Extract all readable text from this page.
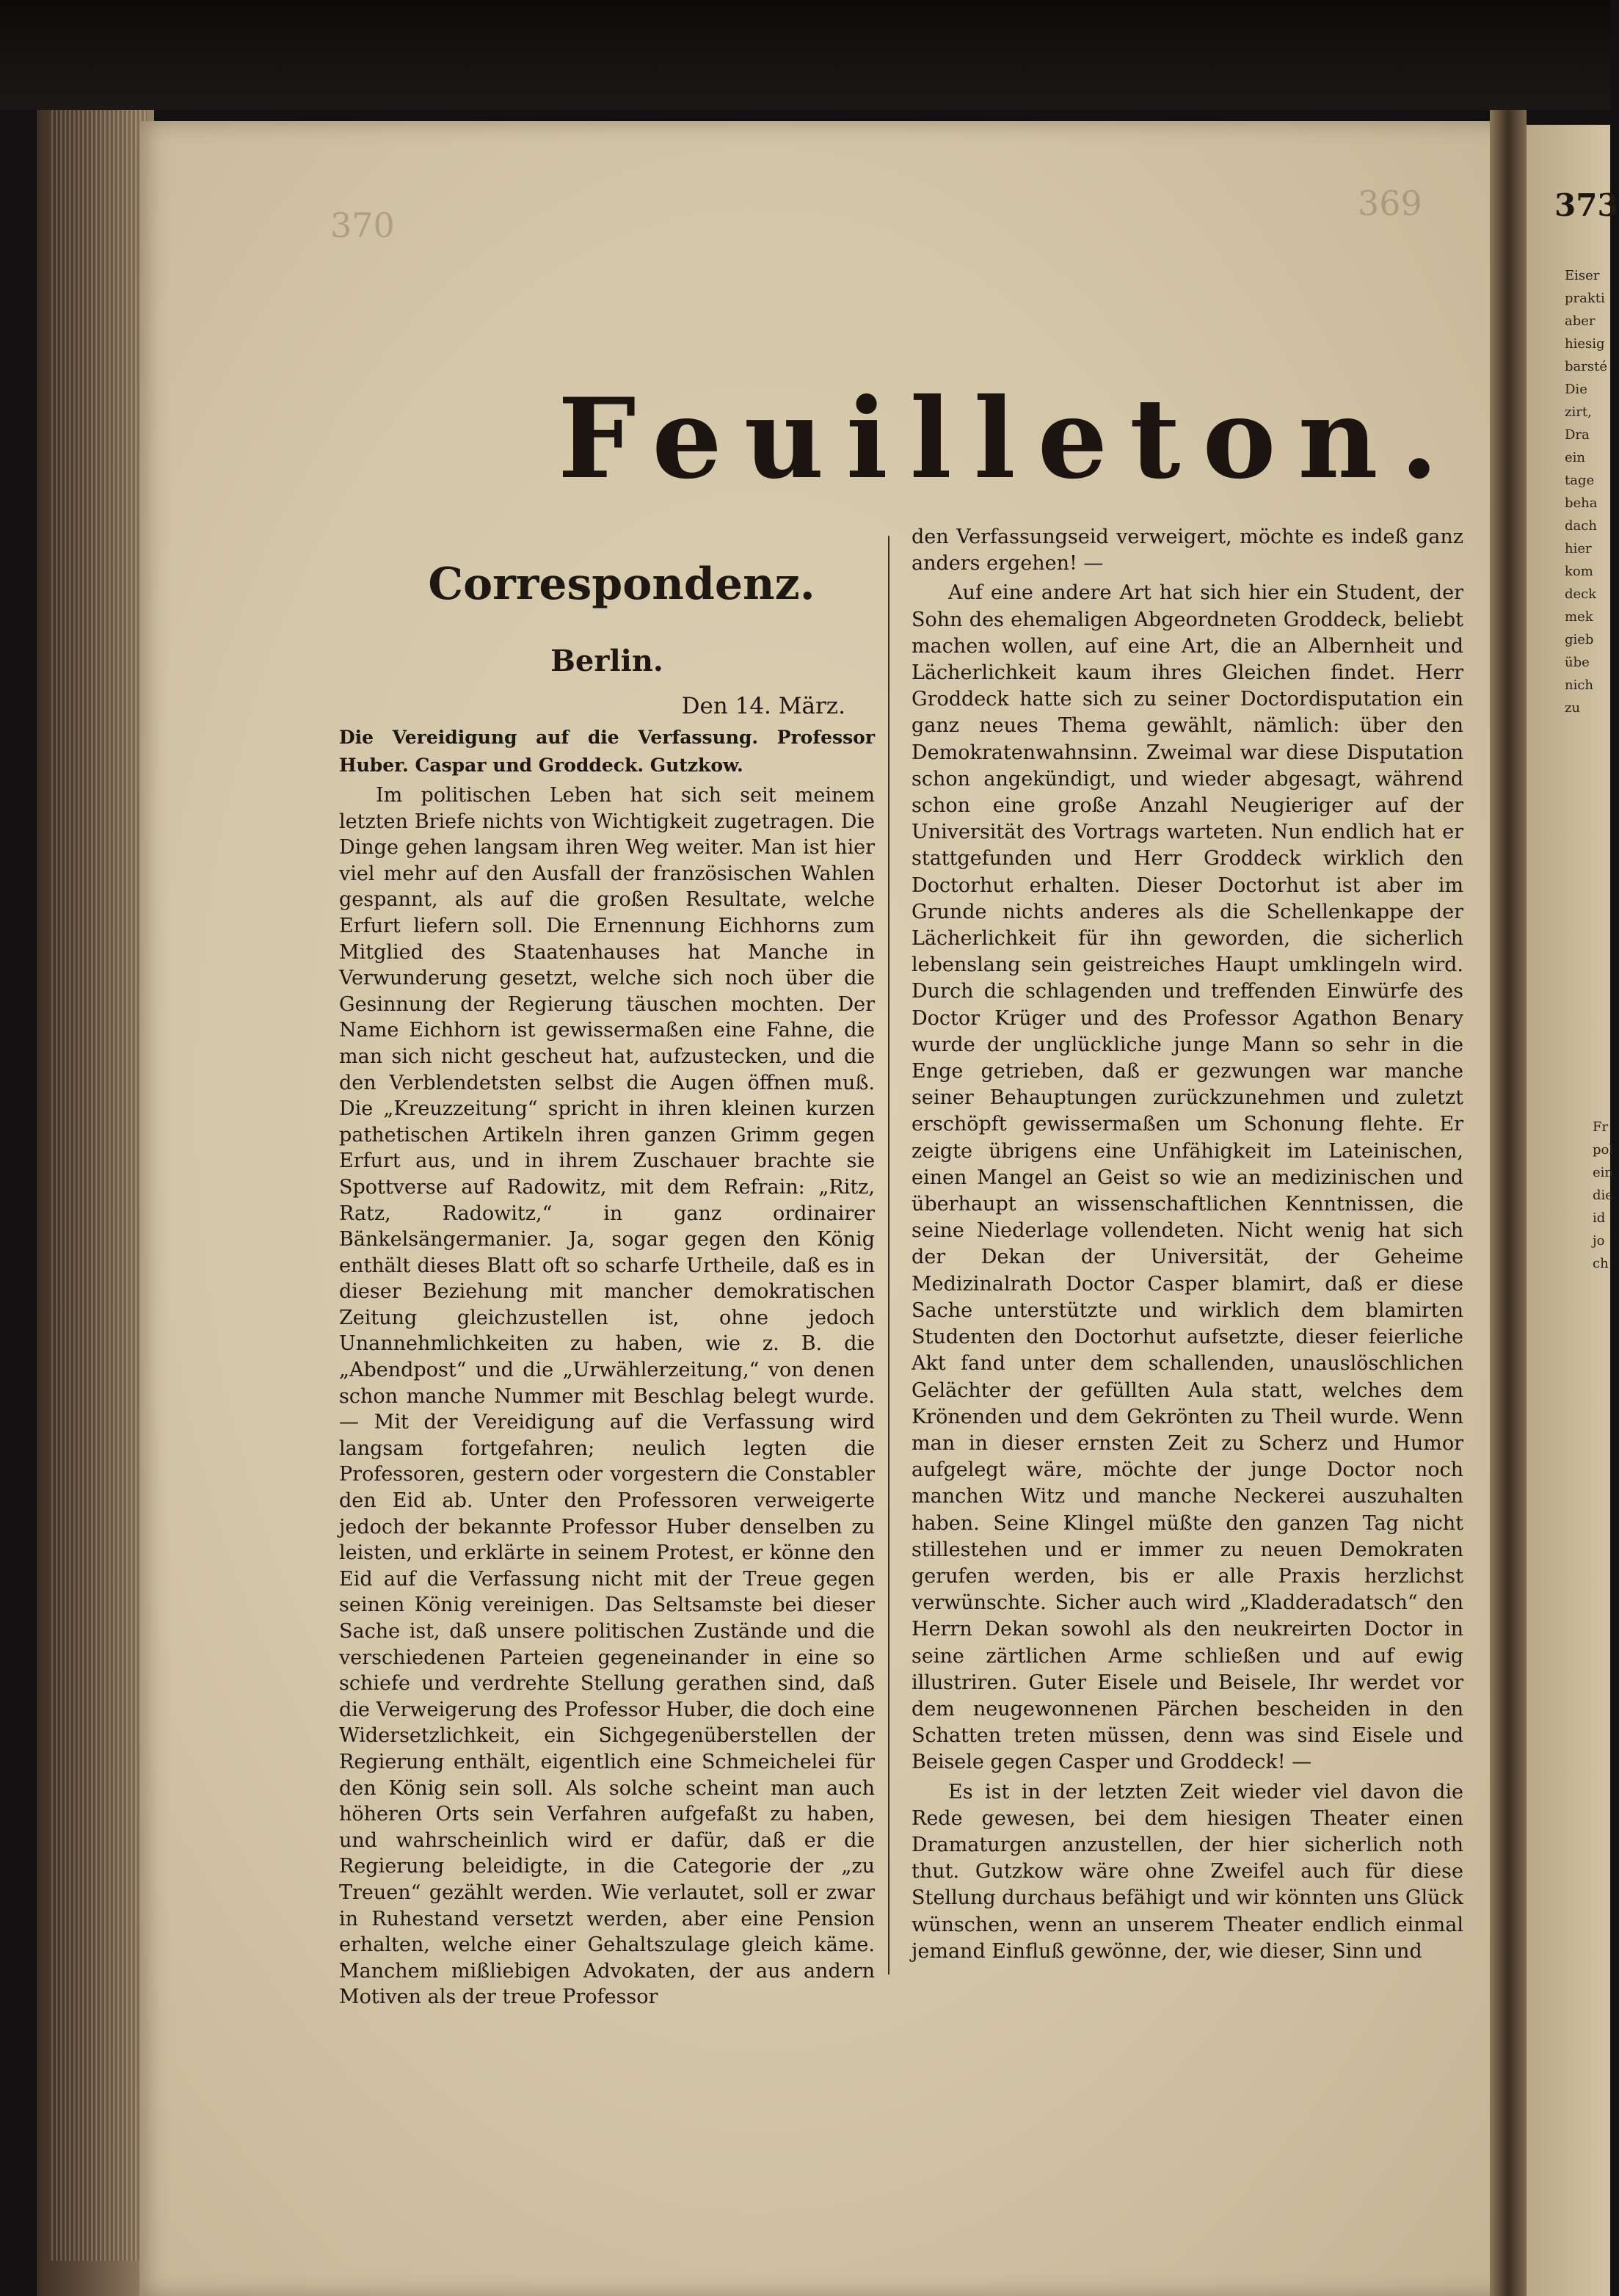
370
369	373
Eiser
prakti
aber
hiesig
barsté
Die
zirt,
Dra
ein
tage
beha
dach
hier
kom
deck
mek
gieb
übe
nich
zu
Fr
pol
ein
die
id
jo
ch
Feuilleton.
Correspondenz.
Berlin.
Den 14. März.
Die Vereidigung auf die Verfassung. Professor Huber. Caspar und Groddeck. Gutzkow.

Im politischen Leben hat sich seit meinem letzten Briefe nichts von Wichtigkeit zugetragen. Die Dinge gehen langsam ihren Weg weiter. Man ist hier viel mehr auf den Ausfall der französischen Wahlen gespannt, als auf die großen Resultate, welche Erfurt liefern soll. Die Ernennung Eichhorns zum Mitglied des Staatenhauses hat Manche in Verwunderung gesetzt, welche sich noch über die Gesinnung der Regierung täuschen mochten. Der Name Eichhorn ist gewissermaßen eine Fahne, die man sich nicht gescheut hat, aufzustecken, und die den Verblendetsten selbst die Augen öffnen muß. Die „Kreuzzeitung“ spricht in ihren kleinen kurzen pathetischen Artikeln ihren ganzen Grimm gegen Erfurt aus, und in ihrem Zuschauer brachte sie Spottverse auf Radowitz, mit dem Refrain: „Ritz, Ratz, Radowitz,“ in ganz ordinairer Bänkelsängermanier. Ja, sogar gegen den König enthält dieses Blatt oft so scharfe Urtheile, daß es in dieser Beziehung mit mancher demokratischen Zeitung gleichzustellen ist, ohne jedoch Unannehmlichkeiten zu haben, wie z. B. die „Abendpost“ und die „Urwählerzeitung,“ von denen schon manche Nummer mit Beschlag belegt wurde. — Mit der Vereidigung auf die Verfassung wird langsam fortgefahren; neulich legten die Professoren, gestern oder vorgestern die Constabler den Eid ab. Unter den Professoren verweigerte jedoch der bekannte Professor Huber denselben zu leisten, und erklärte in seinem Protest, er könne den Eid auf die Verfassung nicht mit der Treue gegen seinen König vereinigen. Das Seltsamste bei dieser Sache ist, daß unsere politischen Zustände und die verschiedenen Parteien gegeneinander in eine so schiefe und verdrehte Stellung gerathen sind, daß die Verweigerung des Professor Huber, die doch eine Widersetzlichkeit, ein Sichgegenüberstellen der Regierung enthält, eigentlich eine Schmeichelei für den König sein soll. Als solche scheint man auch höheren Orts sein Verfahren aufgefaßt zu haben, und wahrscheinlich wird er dafür, daß er die Regierung beleidigte, in die Categorie der „zu Treuen“ gezählt werden. Wie verlautet, soll er zwar in Ruhestand versetzt werden, aber eine Pension erhalten, welche einer Gehaltszulage gleich käme. Manchem mißliebigen Advokaten, der aus andern Motiven als der treue Professor

den Verfassungseid verweigert, möchte es indeß ganz anders ergehen! —

Auf eine andere Art hat sich hier ein Student, der Sohn des ehemaligen Abgeordneten Groddeck, beliebt machen wollen, auf eine Art, die an Albernheit und Lächerlichkeit kaum ihres Gleichen findet. Herr Groddeck hatte sich zu seiner Doctordisputation ein ganz neues Thema gewählt, nämlich: über den Demokratenwahnsinn. Zweimal war diese Disputation schon angekündigt, und wieder abgesagt, während schon eine große Anzahl Neugieriger auf der Universität des Vortrags warteten. Nun endlich hat er stattgefunden und Herr Groddeck wirklich den Doctorhut erhalten. Dieser Doctorhut ist aber im Grunde nichts anderes als die Schellenkappe der Lächerlichkeit für ihn geworden, die sicherlich lebenslang sein geistreiches Haupt umklingeln wird. Durch die schlagenden und treffenden Einwürfe des Doctor Krüger und des Professor Agathon Benary wurde der unglückliche junge Mann so sehr in die Enge getrieben, daß er gezwungen war manche seiner Behauptungen zurückzunehmen und zuletzt erschöpft gewissermaßen um Schonung flehte. Er zeigte übrigens eine Unfähigkeit im Lateinischen, einen Mangel an Geist so wie an medizinischen und überhaupt an wissenschaftlichen Kenntnissen, die seine Niederlage vollendeten. Nicht wenig hat sich der Dekan der Universität, der Geheime Medizinalrath Doctor Casper blamirt, daß er diese Sache unterstützte und wirklich dem blamirten Studenten den Doctorhut aufsetzte, dieser feierliche Akt fand unter dem schallenden, unauslöschlichen Gelächter der gefüllten Aula statt, welches dem Krönenden und dem Gekrönten zu Theil wurde. Wenn man in dieser ernsten Zeit zu Scherz und Humor aufgelegt wäre, möchte der junge Doctor noch manchen Witz und manche Neckerei auszuhalten haben. Seine Klingel müßte den ganzen Tag nicht stillestehen und er immer zu neuen Demokraten gerufen werden, bis er alle Praxis herzlichst verwünschte. Sicher auch wird „Kladderadatsch“ den Herrn Dekan sowohl als den neukreirten Doctor in seine zärtlichen Arme schließen und auf ewig illustriren. Guter Eisele und Beisele, Ihr werdet vor dem neugewonnenen Pärchen bescheiden in den Schatten treten müssen, denn was sind Eisele und Beisele gegen Casper und Groddeck! —

Es ist in der letzten Zeit wieder viel davon die Rede gewesen, bei dem hiesigen Theater einen Dramaturgen anzustellen, der hier sicherlich noth thut. Gutzkow wäre ohne Zweifel auch für diese Stellung durchaus befähigt und wir könnten uns Glück wünschen, wenn an unserem Theater endlich einmal jemand Einfluß gewönne, der, wie dieser, Sinn und
